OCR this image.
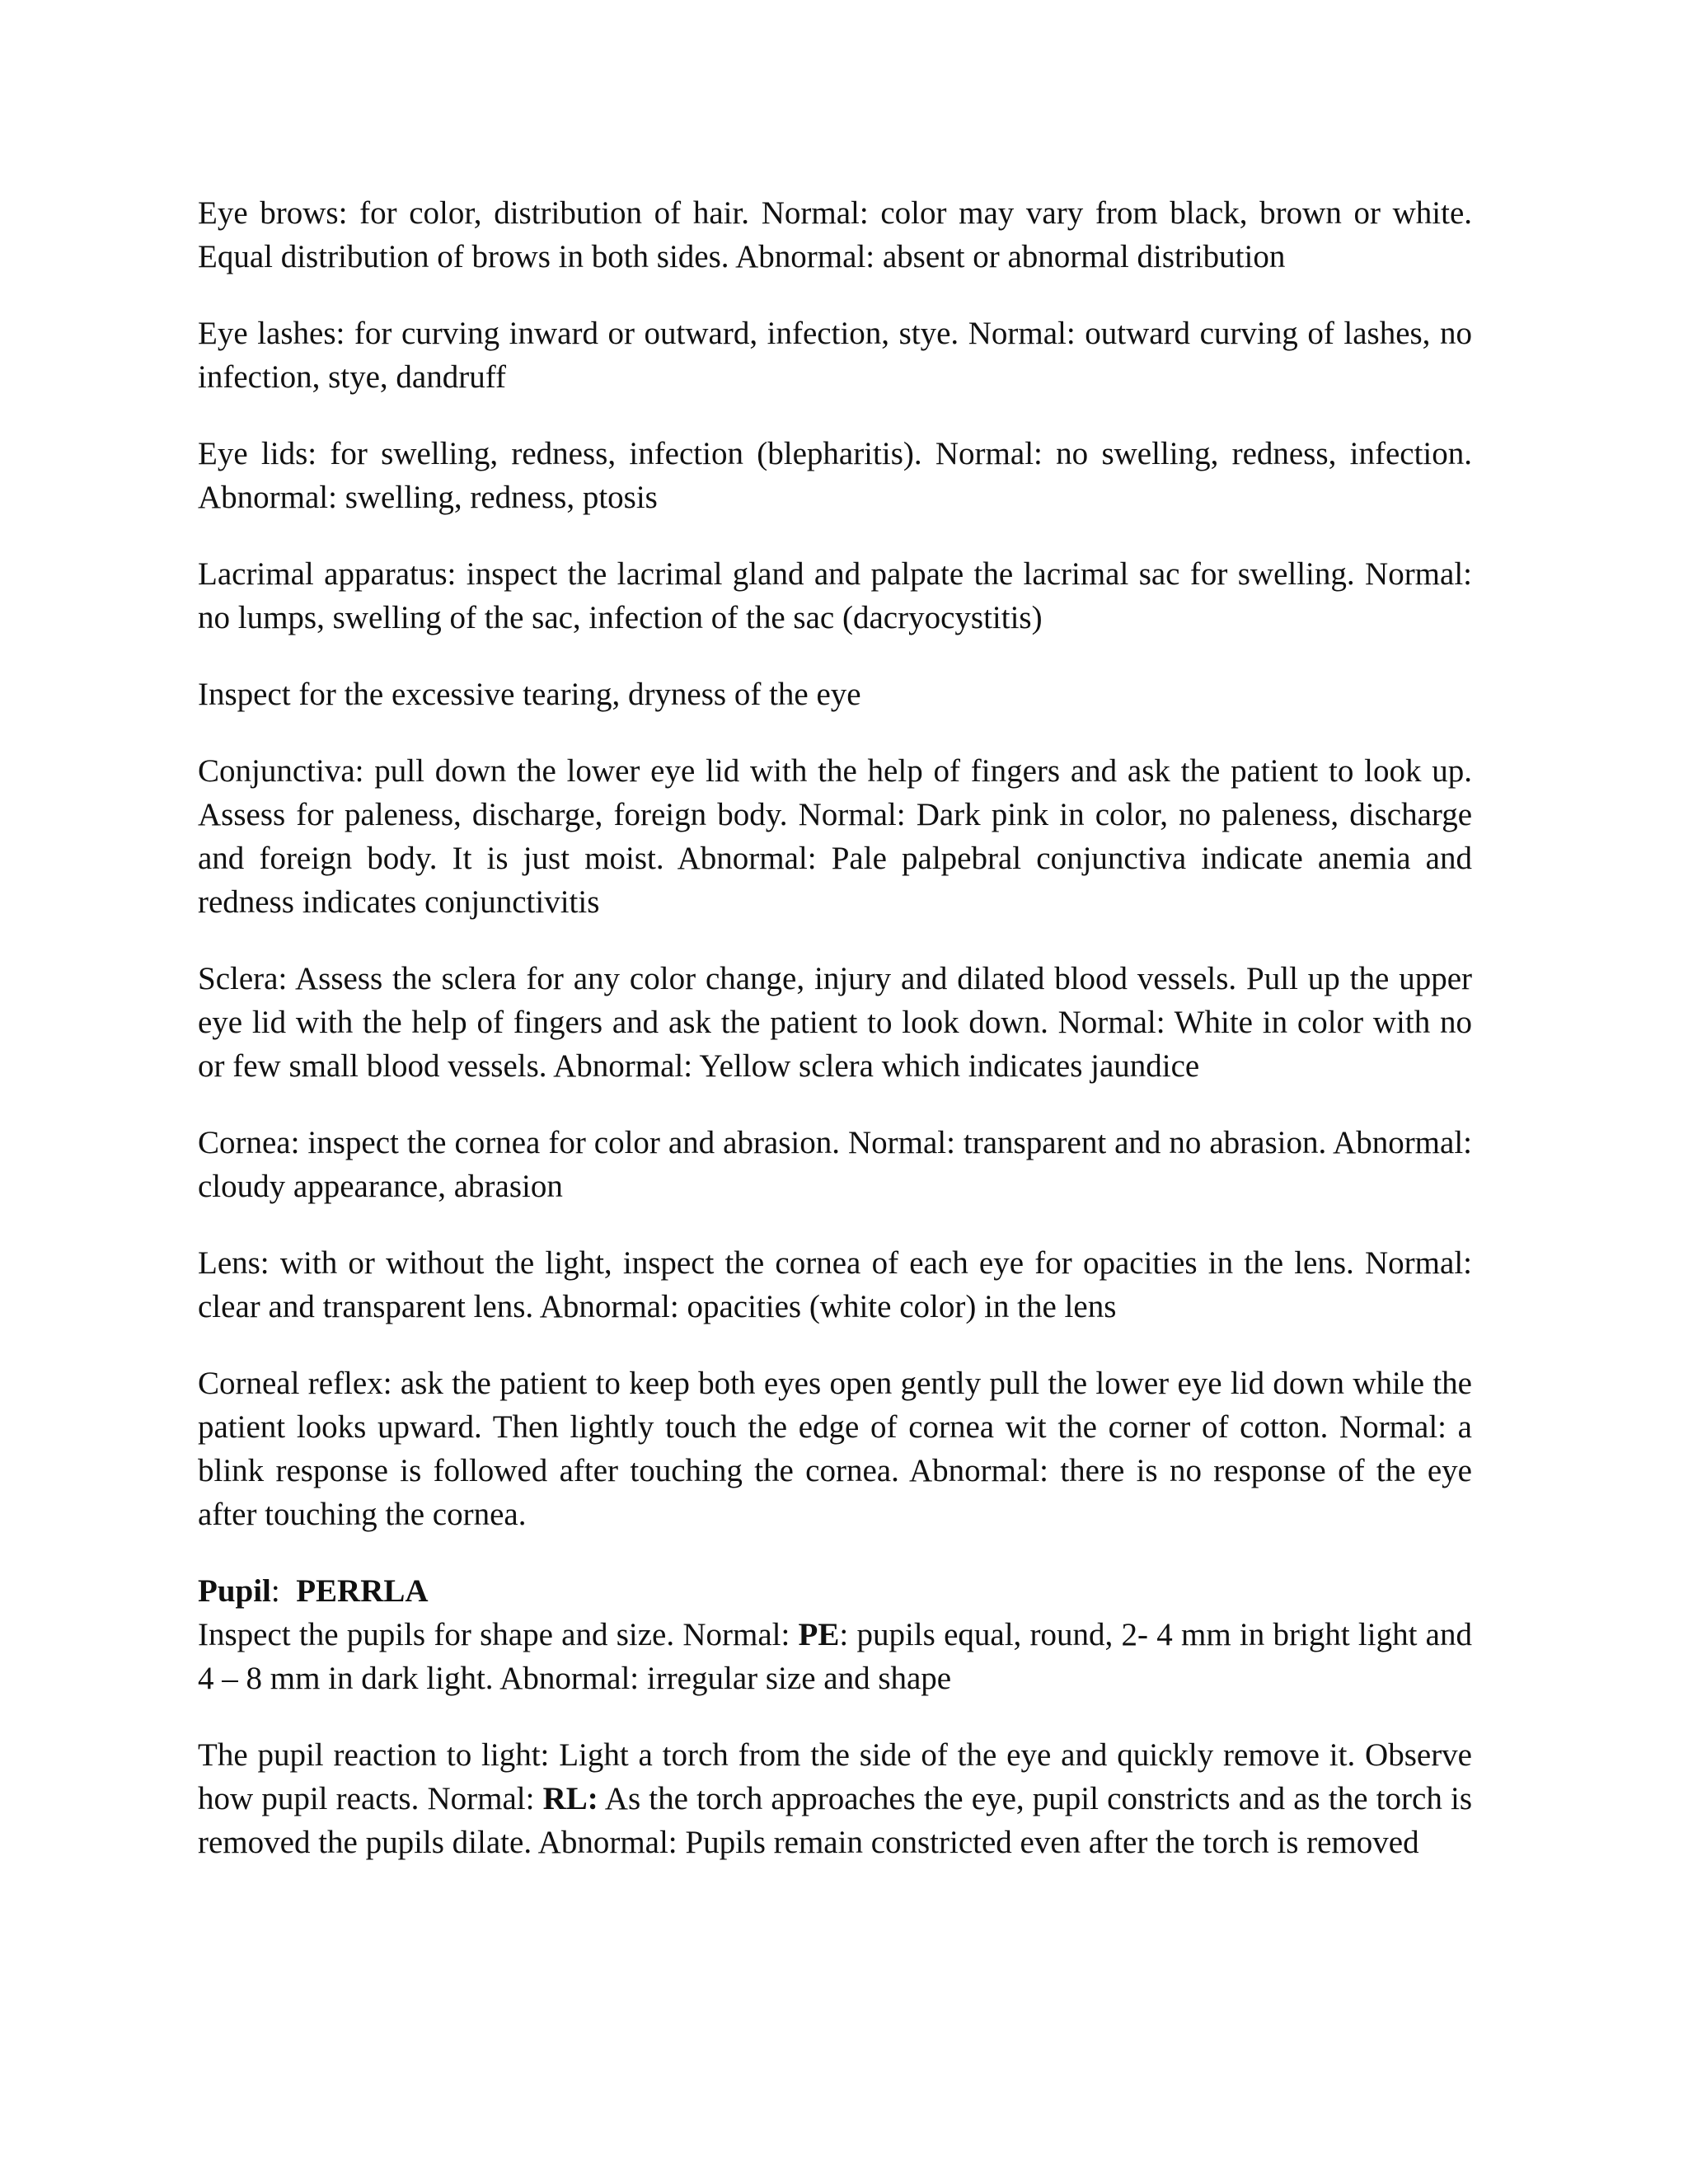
Eye brows: for color, distribution of hair. Normal: color may vary from black, brown or white. Equal distribution of brows in both sides. Abnormal: absent or abnormal distribution

Eye lashes: for curving inward or outward, infection, stye. Normal: outward curving of lashes, no infection, stye, dandruff

Eye lids: for swelling, redness, infection (blepharitis). Normal: no swelling, redness, infection. Abnormal: swelling, redness, ptosis

Lacrimal apparatus: inspect the lacrimal gland and palpate the lacrimal sac for swelling. Normal: no lumps, swelling of the sac, infection of the sac (dacryocystitis)

Inspect for the excessive tearing, dryness of the eye

Conjunctiva: pull down the lower eye lid with the help of fingers and ask the patient to look up. Assess for paleness, discharge, foreign body. Normal: Dark pink in color, no paleness, discharge and foreign body. It is just moist. Abnormal: Pale palpebral conjunctiva indicate anemia and redness indicates conjunctivitis

Sclera: Assess the sclera for any color change, injury and dilated blood vessels. Pull up the upper eye lid with the help of fingers and ask the patient to look down. Normal: White in color with no or few small blood vessels. Abnormal: Yellow sclera which indicates jaundice

Cornea: inspect the cornea for color and abrasion. Normal: transparent and no abrasion. Abnormal: cloudy appearance, abrasion

Lens: with or without the light, inspect the cornea of each eye for opacities in the lens. Normal: clear and transparent lens. Abnormal: opacities (white color) in the lens

Corneal reflex: ask the patient to keep both eyes open gently pull the lower eye lid down while the patient looks upward. Then lightly touch the edge of cornea wit the corner of cotton. Normal: a blink response is followed after touching the cornea. Abnormal: there is no response of the eye after touching the cornea.

Pupil:  PERRLA

Inspect the pupils for shape and size. Normal: PE: pupils equal, round, 2- 4 mm in bright light and 4 – 8 mm in dark light. Abnormal: irregular size and shape

The pupil reaction to light: Light a torch from the side of the eye and quickly remove it. Observe how pupil reacts. Normal: RL: As the torch approaches the eye, pupil constricts and as the torch is removed the pupils dilate. Abnormal: Pupils remain constricted even after the torch is removed
